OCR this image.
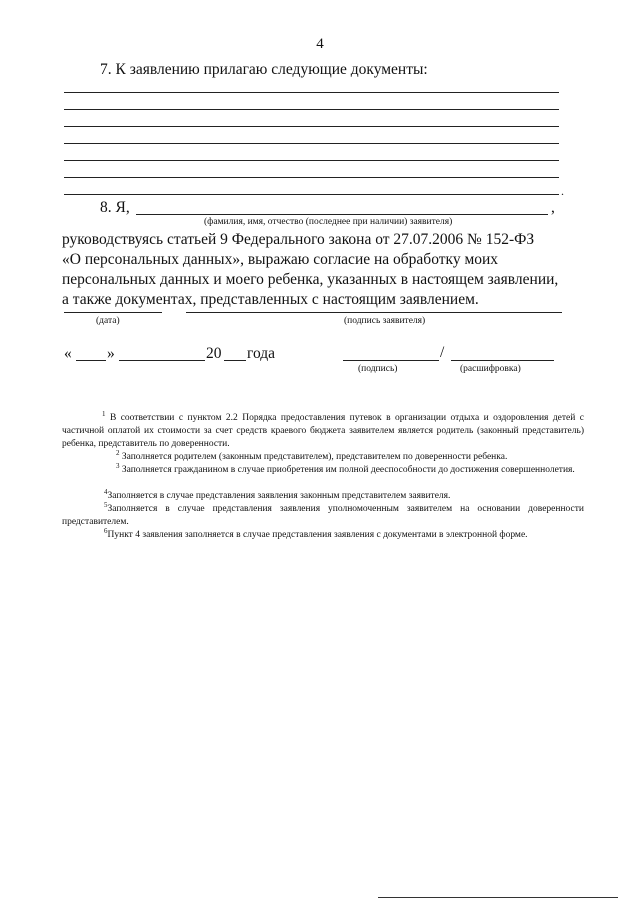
4
7. К заявлению прилагаю следующие документы:
.
8. Я,	,
(фамилия, имя, отчество (последнее при наличии) заявителя)
руководствуясь статьей 9 Федерального закона от 27.07.2006 № 152-ФЗ
«О персональных данных», выражаю согласие на обработку моих
персональных данных и моего ребенка, указанных в настоящем заявлении,
а также документах, представленных с настоящим заявлением.
(дата)	(подпись заявителя)
« »	20 года	/
(подпись)	(расшифровка)
$^1$ В соответствии с пунктом 2.2 Порядка предоставления путевок в организации отдыха и оздоровления детей с частичной оплатой их стоимости за счет средств краевого бюджета заявителем является родитель (законный представитель) ребенка, представитель по доверенности.
$^2$ Заполняется родителем (законным представителем), представителем по доверенности ребенка.
$^3$ Заполняется гражданином в случае приобретения им полной дееспособности до достижения совершеннолетия.
$^4$Заполняется в случае представления заявления законным представителем заявителя.
$^5$Заполняется в случае представления заявления уполномоченным заявителем на основании доверенности представителем.
$^6$Пункт 4 заявления заполняется в случае представления заявления с документами в электронной форме.
